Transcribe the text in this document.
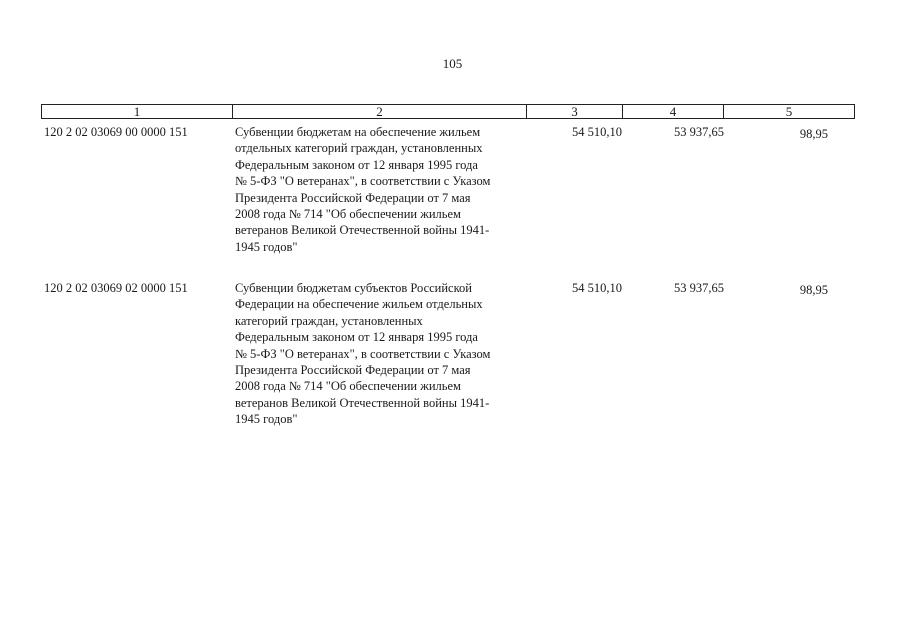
105
1	2	3	4	5
120 2 02 03069 00 0000 151	Субвенции бюджетам на обеспечение жильем
отдельных категорий граждан, установленных
Федеральным законом от 12 января 1995 года
№ 5-ФЗ "О ветеранах", в соответствии с Указом
Президента Российской Федерации от 7 мая
2008 года № 714 "Об обеспечении жильем
ветеранов Великой Отечественной войны 1941-
1945 годов"
54 510,10	53 937,65	98,95
120 2 02 03069 02 0000 151	Субвенции бюджетам субъектов Российской
Федерации на обеспечение жильем отдельных
категорий граждан, установленных
Федеральным законом от 12 января 1995 года
№ 5-ФЗ "О ветеранах", в соответствии с Указом
Президента Российской Федерации от 7 мая
2008 года № 714 "Об обеспечении жильем
ветеранов Великой Отечественной войны 1941-
1945 годов"
54 510,10	53 937,65	98,95
